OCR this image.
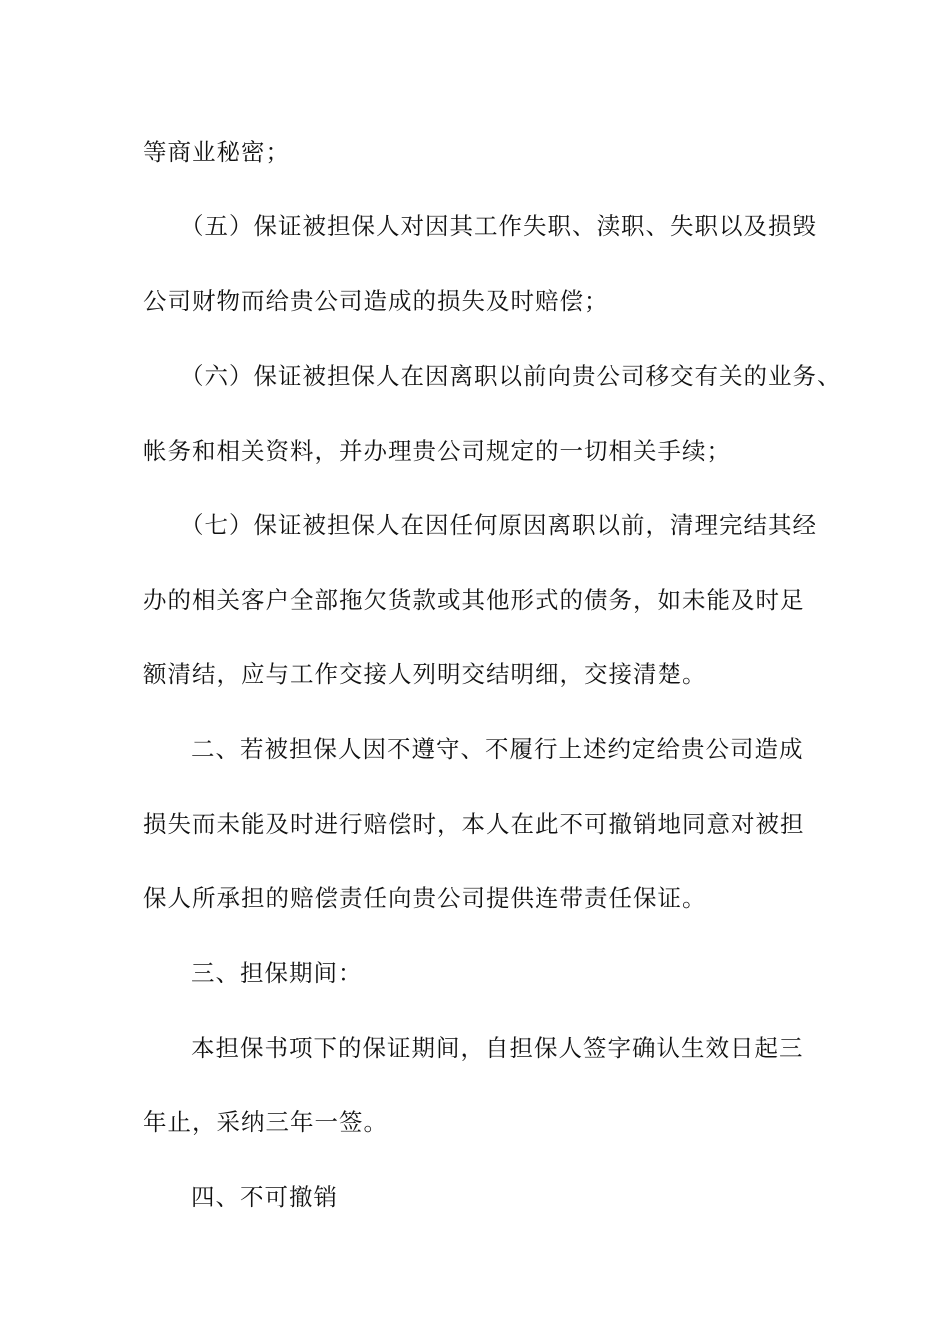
等商业秘密；
（五）保证被担保人对因其工作失职、渎职、失职以及损毁
公司财物而给贵公司造成的损失及时赔偿；
（六）保证被担保人在因离职以前向贵公司移交有关的业务、
帐务和相关资料，并办理贵公司规定的一切相关手续；
（七）保证被担保人在因任何原因离职以前，清理完结其经
办的相关客户全部拖欠货款或其他形式的债务，如未能及时足
额清结，应与工作交接人列明交结明细，交接清楚。
二、若被担保人因不遵守、不履行上述约定给贵公司造成
损失而未能及时进行赔偿时，本人在此不可撤销地同意对被担
保人所承担的赔偿责任向贵公司提供连带责任保证。
三、担保期间：
本担保书项下的保证期间，自担保人签字确认生效日起三
年止，采纳三年一签。
四、不可撤销
